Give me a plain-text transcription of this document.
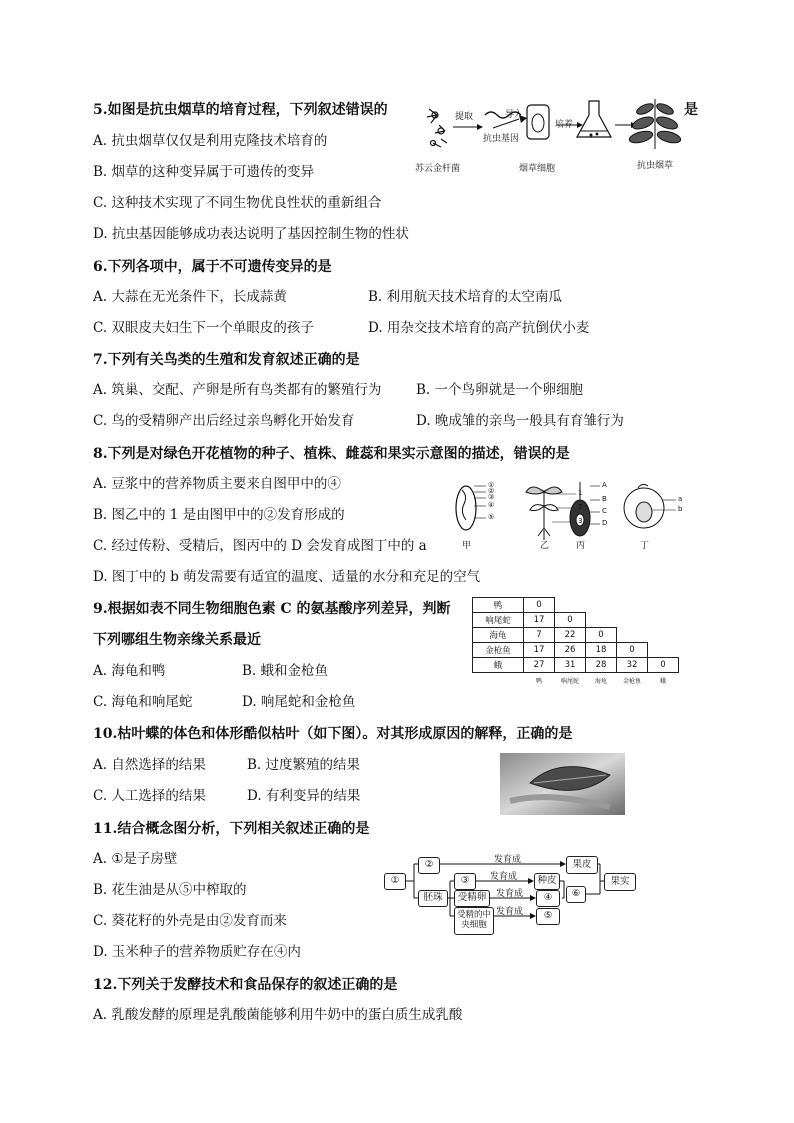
5.如图是抗虫烟草的培育过程，下列叙述错误的	是
A. 抗虫烟草仅仅是利用克隆技术培育的
B. 烟草的这种变异属于可遗传的变异
C. 这种技术实现了不同生物优良性状的重新组合
D. 抗虫基因能够成功表达说明了基因控制生物的性状
提取
抗虫基因
导入
培养
苏云金杆菌	烟草细胞	抗虫烟草
6.下列各项中，属于不可遗传变异的是
A. 大蒜在无光条件下，长成蒜黄	B. 利用航天技术培育的太空南瓜
C. 双眼皮夫妇生下一个单眼皮的孩子	D. 用杂交技术培育的高产抗倒伏小麦
7.下列有关鸟类的生殖和发育叙述正确的是
A. 筑巢、交配、产卵是所有鸟类都有的繁殖行为	B. 一个鸟卵就是一个卵细胞
C. 鸟的受精卵产出后经过亲鸟孵化开始发育	D. 晚成雏的亲鸟一般具有育雏行为
8.下列是对绿色开花植物的种子、植株、雌蕊和果实示意图的描述，错误的是
A. 豆浆中的营养物质主要来自图甲中的④
B. 图乙中的 1 是由图甲中的②发育形成的
C. 经过传粉、受精后，图丙中的 D 会发育成图丁中的 a
D. 图丁中的 b 萌发需要有适宜的温度、适量的水分和充足的空气
①
②
③
④
⑤
1
2
3
A
B
C
D
a
b
甲	乙	丙	丁
9.根据如表不同生物细胞色素 C 的氨基酸序列差异，判断
下列哪组生物亲缘关系最近
A. 海龟和鸭	B. 蛾和金枪鱼
C. 海龟和响尾蛇	D. 响尾蛇和金枪鱼
鸭	0				
响尾蛇	17	0			
海龟	7	22	0		
金枪鱼	17	26	18	0	
蛾	27	31	28	32	0
	鸭	响尾蛇	海龟	金枪鱼	蛾
10.枯叶蝶的体色和体形酷似枯叶（如下图）。对其形成原因的解释，正确的是
A. 自然选择的结果	B. 过度繁殖的结果
C. 人工选择的结果	D. 有利变异的结果
11.结合概念图分析，下列相关叙述正确的是
A. ①是子房壁
B. 花生油是从⑤中榨取的
C. 葵花籽的外壳是由②发育而来
D. 玉米种子的营养物质贮存在④内
①
②
胚珠
③
受精卵
受精的中央细胞
果皮
种皮
④
⑤
⑥
果实
发育成
发育成
发育成
发育成
12.下列关于发酵技术和食品保存的叙述正确的是
A. 乳酸发酵的原理是乳酸菌能够利用牛奶中的蛋白质生成乳酸
